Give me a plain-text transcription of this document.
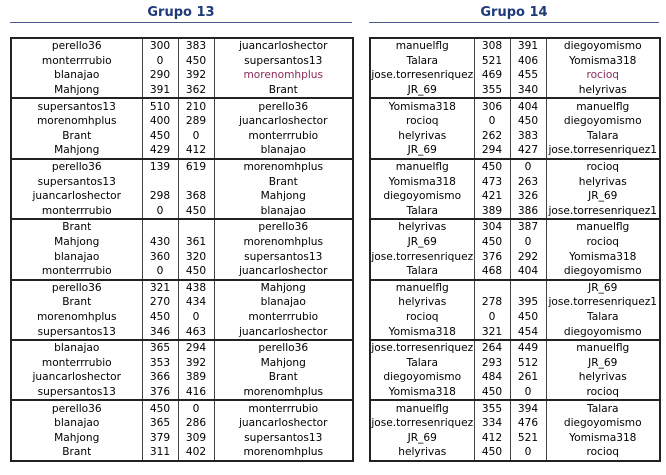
Grupo 13
perello36	300	383	juancarloshector
monterrrubio	0	450	supersantos13
blanajao	290	392	morenomhplus
Mahjong	391	362	Brant
supersantos13	510	210	perello36
morenomhplus	400	289	juancarloshector
Brant	450	0	monterrrubio
Mahjong	429	412	blanajao
perello36	139	619	morenomhplus
supersantos13			Brant
juancarloshector	298	368	Mahjong
monterrrubio	0	450	blanajao
Brant			perello36
Mahjong	430	361	morenomhplus
blanajao	360	320	supersantos13
monterrrubio	0	450	juancarloshector
perello36	321	438	Mahjong
Brant	270	434	blanajao
morenomhplus	450	0	monterrrubio
supersantos13	346	463	juancarloshector
blanajao	365	294	perello36
monterrrubio	353	392	Mahjong
juancarloshector	366	389	Brant
supersantos13	376	416	morenomhplus
perello36	450	0	monterrrubio
blanajao	365	286	juancarloshector
Mahjong	379	309	supersantos13
Brant	311	402	morenomhplus
Grupo 14
manuelflg	308	391	diegoyomismo
Talara	521	406	Yomisma318
jose.torresenriquez	469	455	rocioq
JR_69	355	340	helyrivas
Yomisma318	306	404	manuelflg
rocioq	0	450	diegoyomismo
helyrivas	262	383	Talara
JR_69	294	427	jose.torresenriquez1
manuelflg	450	0	rocioq
Yomisma318	473	263	helyrivas
diegoyomismo	421	326	JR_69
Talara	389	386	jose.torresenriquez1
helyrivas	304	387	manuelflg
JR_69	450	0	rocioq
jose.torresenriquez	376	292	Yomisma318
Talara	468	404	diegoyomismo
manuelflg			JR_69
helyrivas	278	395	jose.torresenriquez1
rocioq	0	450	Talara
Yomisma318	321	454	diegoyomismo
jose.torresenriquez	264	449	manuelflg
Talara	293	512	JR_69
diegoyomismo	484	261	helyrivas
Yomisma318	450	0	rocioq
manuelflg	355	394	Talara
jose.torresenriquez	334	476	diegoyomismo
JR_69	412	521	Yomisma318
helyrivas	450	0	rocioq
